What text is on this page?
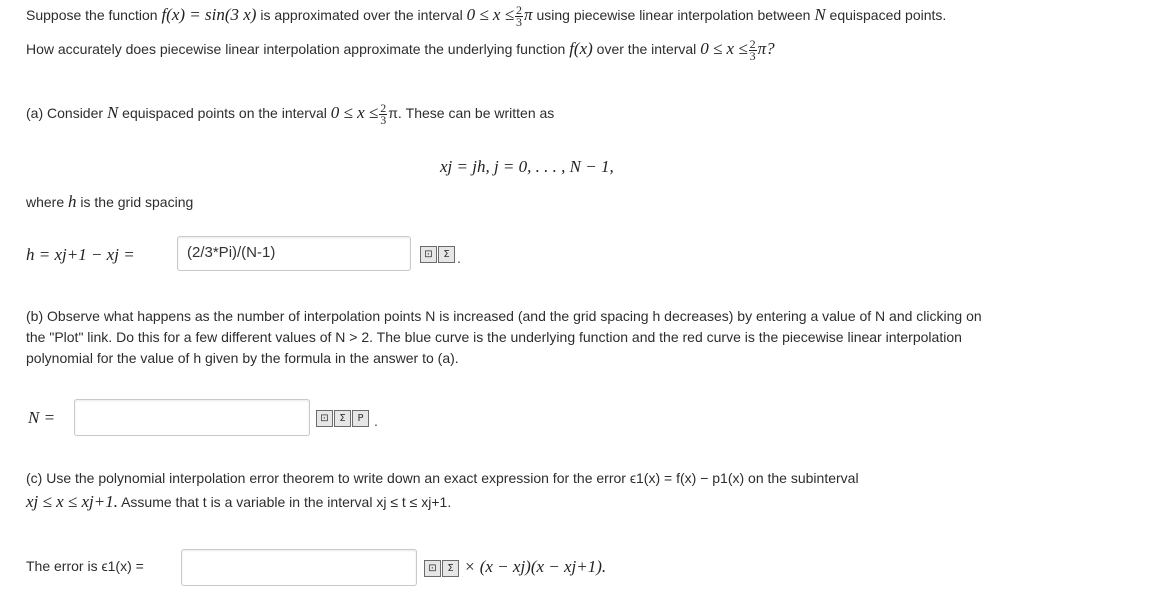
Suppose the function f(x) = sin(3 x) is approximated over the interval $0 \le x \le \frac{2}{3}$ π using piecewise linear interpolation between N equispaced points.
How accurately does piecewise linear interpolation approximate the underlying function f(x) over the interval $0 \le x \le \frac{2}{3} \pi$?
(a) Consider N equispaced points on the interval $0 \le x \le \frac{2}{3} \pi$. These can be written as
xj = jh, j = 0, . . . , N − 1,
where h is the grid spacing
h = xj+1 − xj =	(2/3*Pi)/(N-1)	⊡	Σ .
(b) Observe what happens as the number of interpolation points N is increased (and the grid spacing h decreases) by entering a value of N and clicking on
the "Plot" link. Do this for a few different values of N > 2. The blue curve is the underlying function and the red curve is the piecewise linear interpolation
polynomial for the value of h given by the formula in the answer to (a).
N =	⊡	Σ	P .
(c) Use the polynomial interpolation error theorem to write down an exact expression for the error ϵ1(x) = f(x) − p1(x) on the subinterval
xj ≤ x ≤ xj+1. Assume that t is a variable in the interval xj ≤ t ≤ xj+1.
The error is ϵ1(x) =	⊡	Σ × (x − xj)(x − xj+1).
